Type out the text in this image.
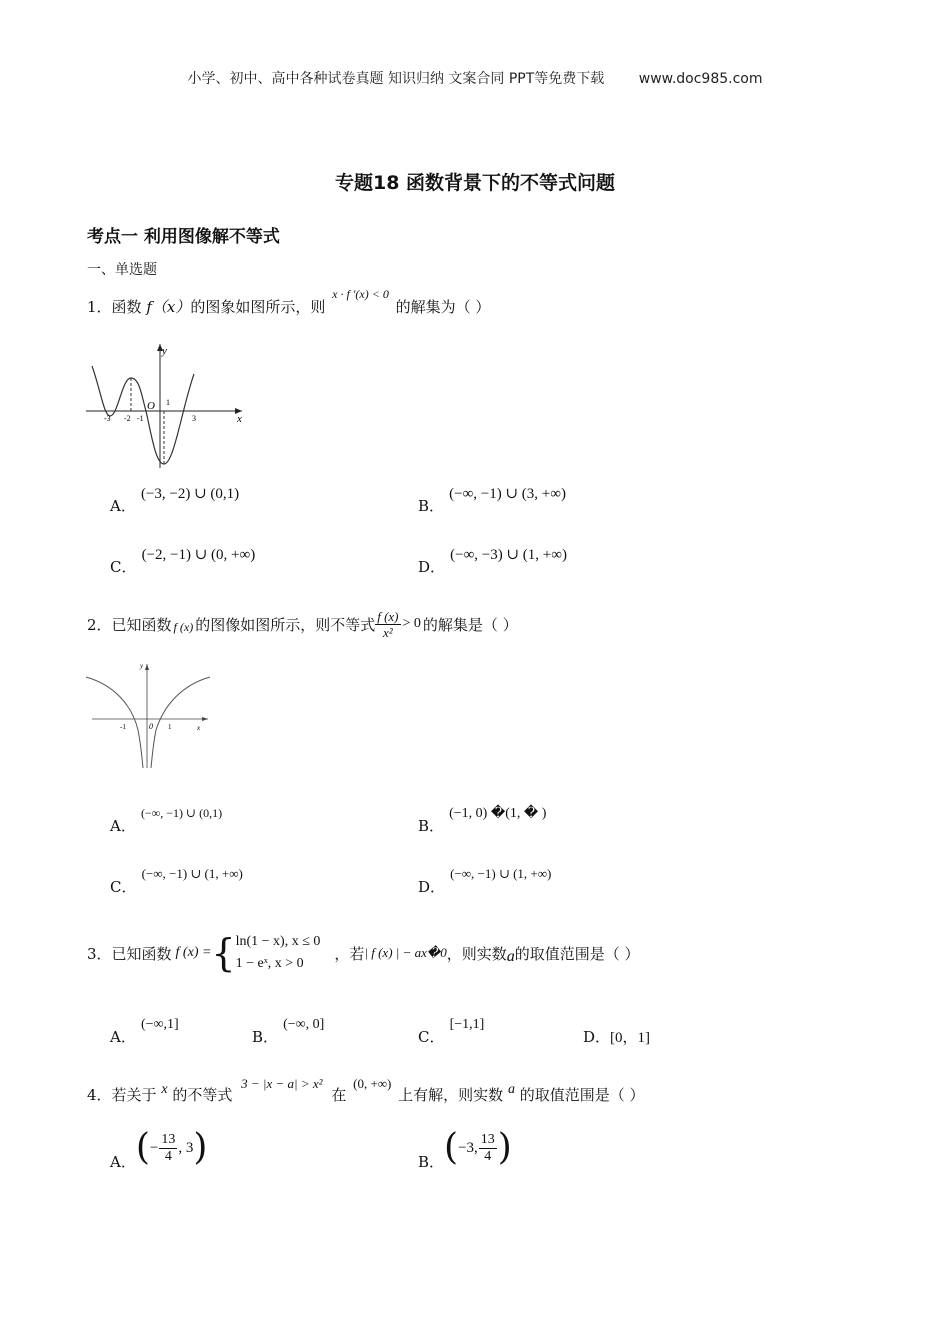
小学、初中、高中各种试卷真题 知识归纳 文案合同 PPT等免费下载 www.doc985.com
专题18 函数背景下的不等式问题
考点一 利用图像解不等式
一、单选题
1．函数 f（x）的图象如图所示，则 $^{x \cdot f '(x) < 0}$ 的解集为（ ）
y
x
O
-3 -2 -1
1
3
A． (−3, −2) ∪ (0,1)
B． (−∞, −1) ∪ (3, +∞)
C． (−2, −1) ∪ (0, +∞)
D． (−∞, −3) ∪ (1, +∞)
2．已知函数 f (x) 的图像如图所示，则不等式 $\frac{f (x)}{\text{x²}} > 0$ 的解集是（ ）
y
x
0
-1	1
A． $^{(-\infty, -1) \cup (0,1)}$
B． (−1, 0) �(1, � )
C． $^{(-\infty, -1) \cup (1, +\infty)}$
D． $^{(-\infty, -1) \cup (1, +\infty)}$
3．已知函数 f (x) = { ln(1 − x), x ≤ 0
1 − eˣ, x > 0
，若 | f (x) | − ax�0 ，则实数 a 的取值范围是（ ）
A． (−∞,1]
B． (−∞, 0]
C． [−1,1]
D．[0，1]
4．若关于 x 的不等式 3 − |x − a| > x² 在 (0, +∞) 上有解，则实数 a 的取值范围是（ ）
A． ( − $\frac{13}{4}$ , 3 )	B． ( −3, $\frac{13}{4}$ )
